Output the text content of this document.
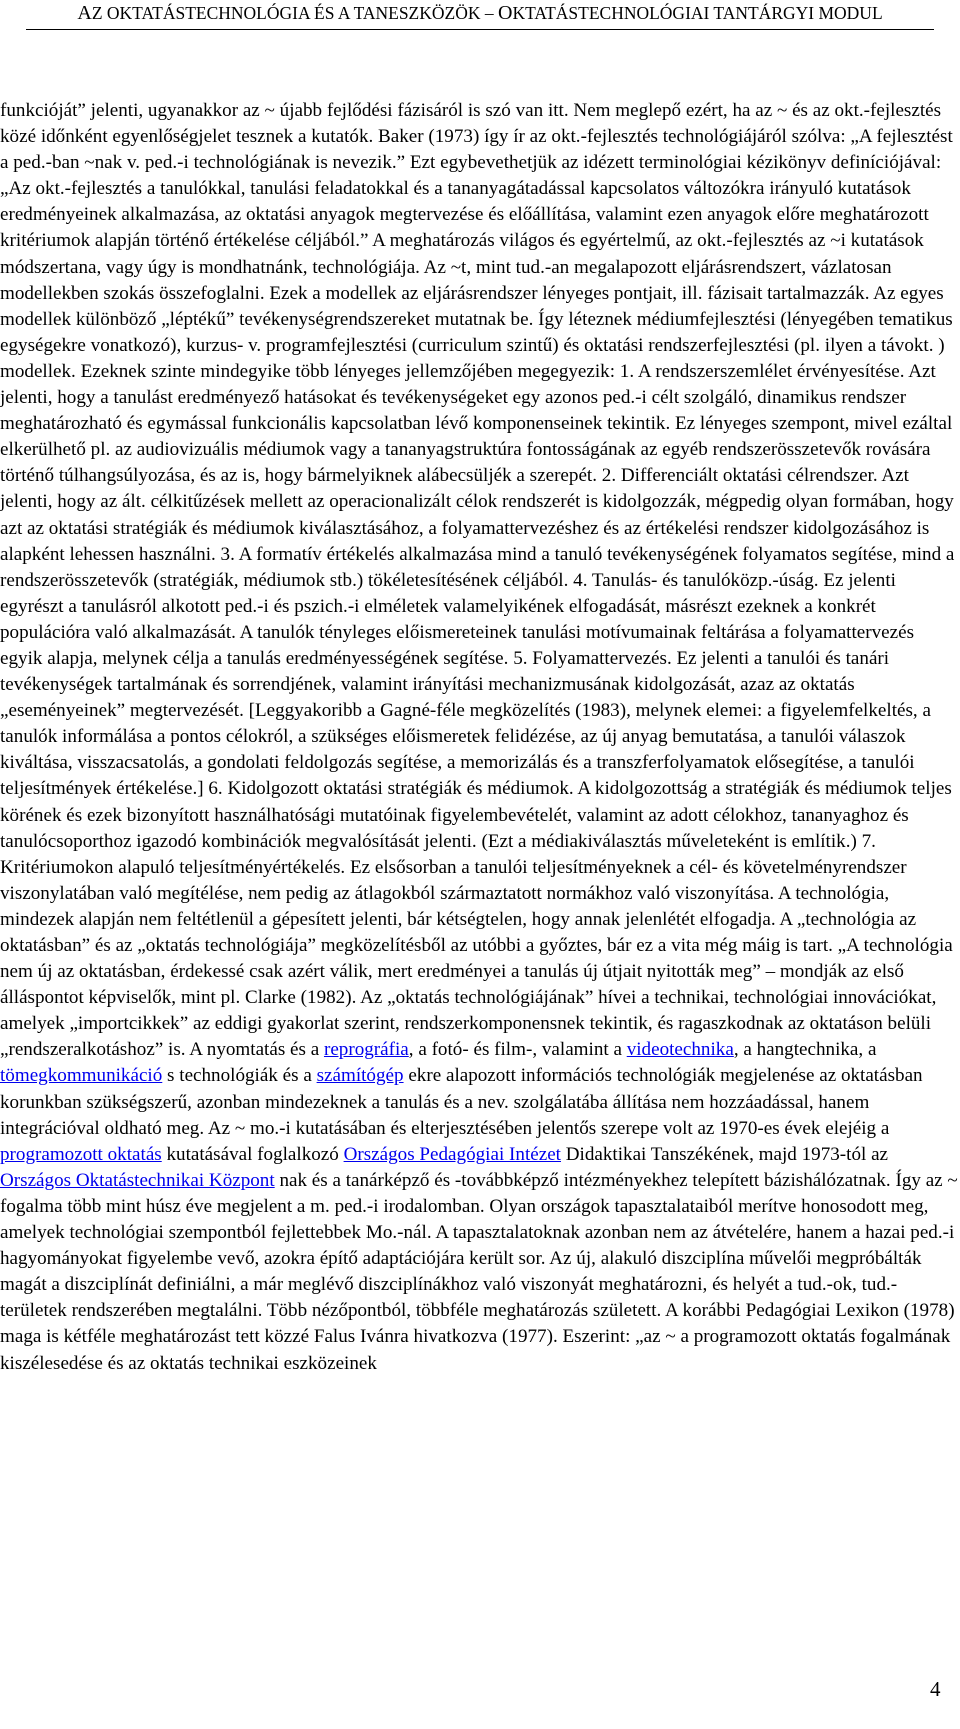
AZ OKTATÁSTECHNOLÓGIA ÉS A TANESZKÖZÖK – OKTATÁSTECHNOLÓGIAI TANTÁRGYI MODUL
funkcióját” jelenti, ugyanakkor az ~ újabb fejlődési fázisáról is szó van itt. Nem meglepő ezért, ha az ~ és az okt.-fejlesztés közé időnként egyenlőségjelet tesznek a kutatók. Baker (1973) így ír az okt.-fejlesztés technológiájáról szólva: „A fejlesztést a ped.-ban ~nak v. ped.-i technológiának is nevezik.” Ezt egybevethetjük az idézett terminológiai kézikönyv definíciójával: „Az okt.-fejlesztés a tanulókkal, tanulási feladatokkal és a tananyagátadással kapcsolatos változókra irányuló kutatások eredményeinek alkalmazása, az oktatási anyagok megtervezése és előállítása, valamint ezen anyagok előre meghatározott kritériumok alapján történő értékelése céljából.” A meghatározás világos és egyértelmű, az okt.-fejlesztés az ~i kutatások módszertana, vagy úgy is mondhatnánk, technológiája. Az ~t, mint tud.-an megalapozott eljárásrendszert, vázlatosan modellekben szokás összefoglalni. Ezek a modellek az eljárásrendszer lényeges pontjait, ill. fázisait tartalmazzák. Az egyes modellek különböző „léptékű” tevékenységrendszereket mutatnak be. Így léteznek médiumfejlesztési (lényegében tematikus egységekre vonatkozó), kurzus- v. programfejlesztési (curriculum szintű) és oktatási rendszerfejlesztési (pl. ilyen a távokt. ) modellek. Ezeknek szinte mindegyike több lényeges jellemzőjében megegyezik: 1. A rendszerszemlélet érvényesítése. Azt jelenti, hogy a tanulást eredményező hatásokat és tevékenységeket egy azonos ped.-i célt szolgáló, dinamikus rendszer meghatározható és egymással funkcionális kapcsolatban lévő komponenseinek tekintik. Ez lényeges szempont, mivel ezáltal elkerülhető pl. az audiovizuális médiumok vagy a tananyagstruktúra fontosságának az egyéb rendszerösszetevők rovására történő túlhangsúlyozása, és az is, hogy bármelyiknek alábecsüljék a szerepét. 2. Differenciált oktatási célrendszer. Azt jelenti, hogy az ált. célkitűzések mellett az operacionalizált célok rendszerét is kidolgozzák, mégpedig olyan formában, hogy azt az oktatási stratégiák és médiumok kiválasztásához, a folyamattervezéshez és az értékelési rendszer kidolgozásához is alapként lehessen használni. 3. A formatív értékelés alkalmazása mind a tanuló tevékenységének folyamatos segítése, mind a rendszerösszetevők (stratégiák, médiumok stb.) tökéletesítésének céljából. 4. Tanulás- és tanulóközp.-úság. Ez jelenti egyrészt a tanulásról alkotott ped.-i és pszich.-i elméletek valamelyikének elfogadását, másrészt ezeknek a konkrét populációra való alkalmazását. A tanulók tényleges előismereteinek tanulási motívumainak feltárása a folyamattervezés egyik alapja, melynek célja a tanulás eredményességének segítése. 5. Folyamattervezés. Ez jelenti a tanulói és tanári tevékenységek tartalmának és sorrendjének, valamint irányítási mechanizmusának kidolgozását, azaz az oktatás „eseményeinek” megtervezését. [Leggyakoribb a Gagné-féle megközelítés (1983), melynek elemei: a figyelemfelkeltés, a tanulók informálása a pontos célokról, a szükséges előismeretek felidézése, az új anyag bemutatása, a tanulói válaszok kiváltása, visszacsatolás, a gondolati feldolgozás segítése, a memorizálás és a transzferfolyamatok elősegítése, a tanulói teljesítmények értékelése.] 6. Kidolgozott oktatási stratégiák és médiumok. A kidolgozottság a stratégiák és médiumok teljes körének és ezek bizonyított használhatósági mutatóinak figyelembevételét, valamint az adott célokhoz, tananyaghoz és tanulócsoporthoz igazodó kombinációk megvalósítását jelenti. (Ezt a médiakiválasztás műveleteként is említik.) 7. Kritériumokon alapuló teljesítményértékelés. Ez elsősorban a tanulói teljesítményeknek a cél- és követelményrendszer viszonylatában való megítélése, nem pedig az átlagokból származtatott normákhoz való viszonyítása. A technológia, mindezek alapján nem feltétlenül a gépesített jelenti, bár kétségtelen, hogy annak jelenlétét elfogadja. A „technológia az oktatásban” és az „oktatás technológiája” megközelítésből az utóbbi a győztes, bár ez a vita még máig is tart. „A technológia nem új az oktatásban, érdekessé csak azért válik, mert eredményei a tanulás új útjait nyitották meg” – mondják az első álláspontot képviselők, mint pl. Clarke (1982). Az „oktatás technológiájának” hívei a technikai, technológiai innovációkat, amelyek „importcikkek” az eddigi gyakorlat szerint, rendszerkomponensnek tekintik, és ragaszkodnak az oktatáson belüli „rendszeralkotáshoz” is. A nyomtatás és a reprográfia, a fotó- és film-, valamint a videotechnika, a hangtechnika, a tömegkommunikáció s technológiák és a számítógép ekre alapozott információs technológiák megjelenése az oktatásban korunkban szükségszerű, azonban mindezeknek a tanulás és a nev. szolgálatába állítása nem hozzáadással, hanem integrációval oldható meg. Az ~ mo.-i kutatásában és elterjesztésében jelentős szerepe volt az 1970-es évek elejéig a programozott oktatás kutatásával foglalkozó Országos Pedagógiai Intézet Didaktikai Tanszékének, majd 1973-tól az Országos Oktatástechnikai Központ nak és a tanárképző és -továbbképző intézményekhez telepített bázishálózatnak. Így az ~ fogalma több mint húsz éve megjelent a m. ped.-i irodalomban. Olyan országok tapasztalataiból merítve honosodott meg, amelyek technológiai szempontból fejlettebbek Mo.-nál. A tapasztalatoknak azonban nem az átvételére, hanem a hazai ped.-i hagyományokat figyelembe vevő, azokra építő adaptációjára került sor. Az új, alakuló diszciplína művelői megpróbálták magát a diszciplínát definiálni, a már meglévő diszciplínákhoz való viszonyát meghatározni, és helyét a tud.-ok, tud.-területek rendszerében megtalálni. Több nézőpontból, többféle meghatározás született. A korábbi Pedagógiai Lexikon (1978) maga is kétféle meghatározást tett közzé Falus Ivánra hivatkozva (1977). Eszerint: „az ~ a programozott oktatás fogalmának kiszélesedése és az oktatás technikai eszközeinek
4
